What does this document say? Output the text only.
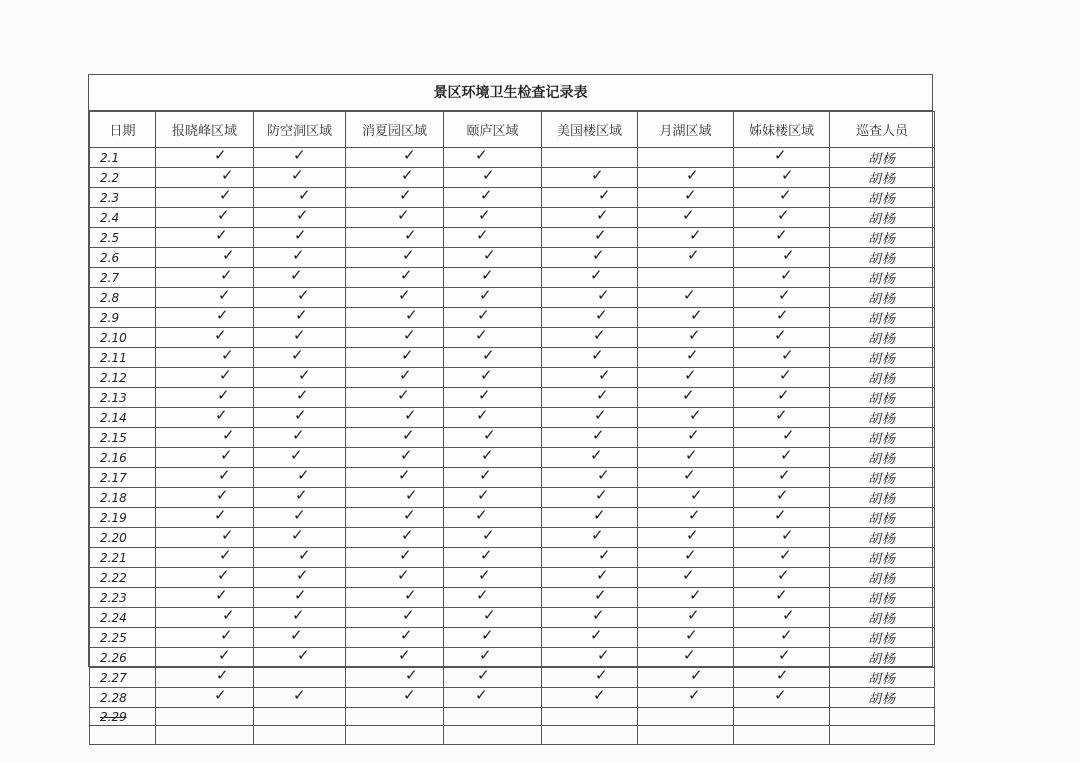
景区环境卫生检查记录表
日期	报晓峰区域	防空洞区域	消夏园区域	颐庐区域	美国楼区域	月湖区域	姊妹楼区域	巡查人员
2.1	✓	✓	✓	✓			✓	胡杨
2.2	✓	✓	✓	✓	✓	✓	✓	胡杨
2.3	✓	✓	✓	✓	✓	✓	✓	胡杨
2.4	✓	✓	✓	✓	✓	✓	✓	胡杨
2.5	✓	✓	✓	✓	✓	✓	✓	胡杨
2.6	✓	✓	✓	✓	✓	✓	✓	胡杨
2.7	✓	✓	✓	✓	✓		✓	胡杨
2.8	✓	✓	✓	✓	✓	✓	✓	胡杨
2.9	✓	✓	✓	✓	✓	✓	✓	胡杨
2.10	✓	✓	✓	✓	✓	✓	✓	胡杨
2.11	✓	✓	✓	✓	✓	✓	✓	胡杨
2.12	✓	✓	✓	✓	✓	✓	✓	胡杨
2.13	✓	✓	✓	✓	✓	✓	✓	胡杨
2.14	✓	✓	✓	✓	✓	✓	✓	胡杨
2.15	✓	✓	✓	✓	✓	✓	✓	胡杨
2.16	✓	✓	✓	✓	✓	✓	✓	胡杨
2.17	✓	✓	✓	✓	✓	✓	✓	胡杨
2.18	✓	✓	✓	✓	✓	✓	✓	胡杨
2.19	✓	✓	✓	✓	✓	✓	✓	胡杨
2.20	✓	✓	✓	✓	✓	✓	✓	胡杨
2.21	✓	✓	✓	✓	✓	✓	✓	胡杨
2.22	✓	✓	✓	✓	✓	✓	✓	胡杨
2.23	✓	✓	✓	✓	✓	✓	✓	胡杨
2.24	✓	✓	✓	✓	✓	✓	✓	胡杨
2.25	✓	✓	✓	✓	✓	✓	✓	胡杨
2.26	✓	✓	✓	✓	✓	✓	✓	胡杨
2.27	✓		✓	✓	✓	✓	✓	胡杨
2.28	✓	✓	✓	✓	✓	✓	✓	胡杨
2.29	
